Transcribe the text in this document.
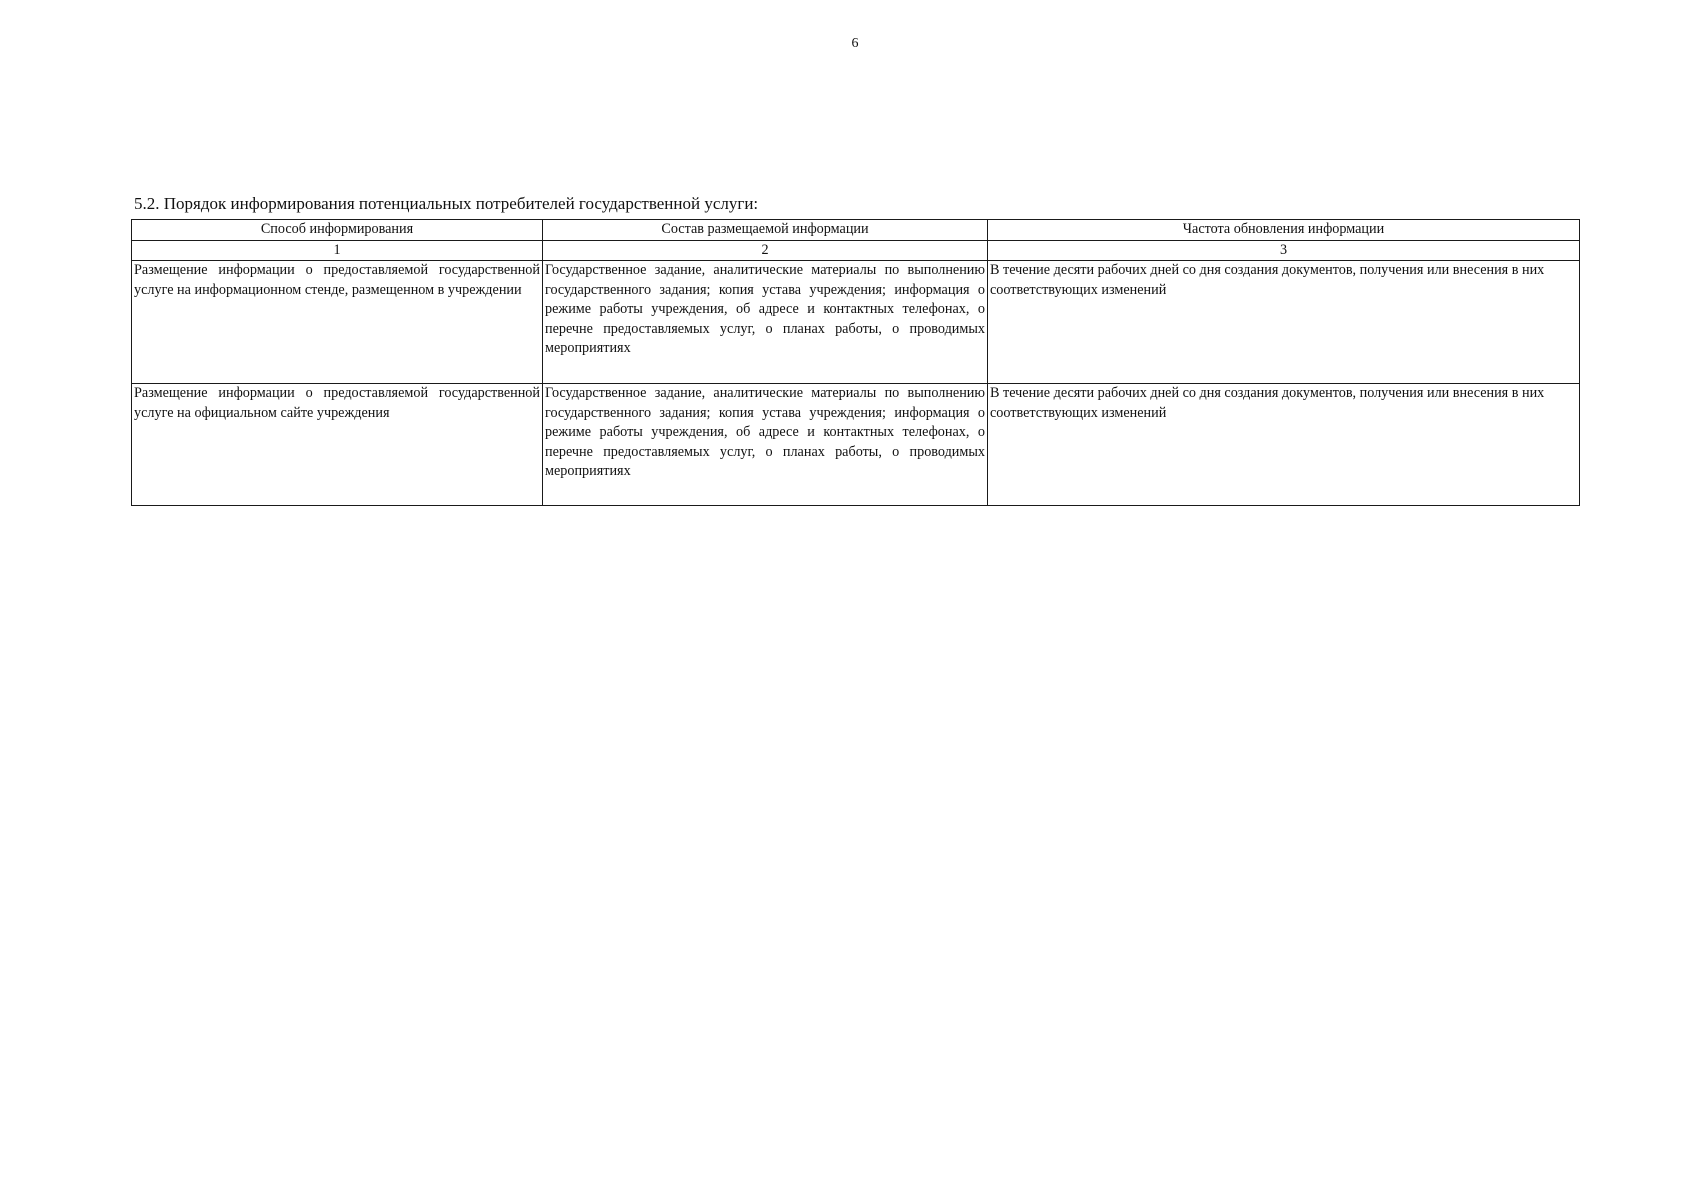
6
5.2. Порядок информирования потенциальных потребителей государственной услуги:
Способ информирования	Состав размещаемой информации	Частота обновления информации
1	2	3
Размещение информации о предоставляемой государственной услуге на информационном стенде, размещенном в учреждении	Государственное задание, аналитические материалы по выполнению государственного задания; копия устава учреждения; информация о режиме работы учреждения, об адресе и контактных телефонах, о перечне предоставляемых услуг, о планах работы, о проводимых мероприятиях	В течение десяти рабочих дней со дня создания документов, получения или внесения в них соответствующих изменений
Размещение информации о предоставляемой государственной услуге на официальном сайте учреждения	Государственное задание, аналитические материалы по выполнению государственного задания; копия устава учреждения; информация о режиме работы учреждения, об адресе и контактных телефонах, о перечне предоставляемых услуг, о планах работы, о проводимых мероприятиях	В течение десяти рабочих дней со дня создания документов, получения или внесения в них соответствующих изменений
